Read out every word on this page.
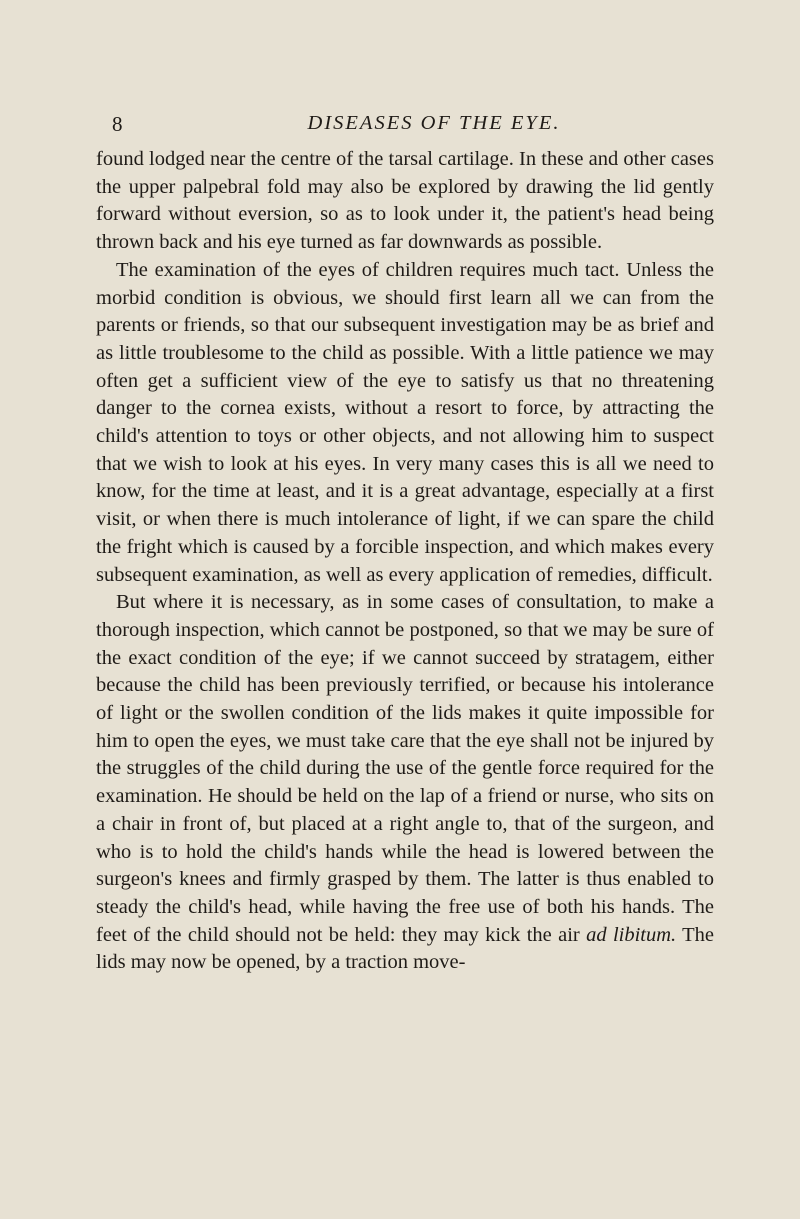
8	DISEASES OF THE EYE.

found lodged near the centre of the tarsal cartilage. In these and other cases the upper palpebral fold may also be explored by drawing the lid gently forward without eversion, so as to look under it, the patient's head being thrown back and his eye turned as far downwards as possible.

The examination of the eyes of children requires much tact. Unless the morbid condition is obvious, we should first learn all we can from the parents or friends, so that our subsequent investigation may be as brief and as little troublesome to the child as possible. With a little patience we may often get a sufficient view of the eye to satisfy us that no threatening danger to the cornea exists, without a resort to force, by attracting the child's attention to toys or other objects, and not allowing him to suspect that we wish to look at his eyes. In very many cases this is all we need to know, for the time at least, and it is a great advantage, especially at a first visit, or when there is much intolerance of light, if we can spare the child the fright which is caused by a forcible inspection, and which makes every subsequent examination, as well as every application of remedies, difficult.

But where it is necessary, as in some cases of consultation, to make a thorough inspection, which cannot be postponed, so that we may be sure of the exact condition of the eye; if we cannot succeed by stratagem, either because the child has been previously terrified, or because his intolerance of light or the swollen condition of the lids makes it quite impossible for him to open the eyes, we must take care that the eye shall not be injured by the struggles of the child during the use of the gentle force required for the examination. He should be held on the lap of a friend or nurse, who sits on a chair in front of, but placed at a right angle to, that of the surgeon, and who is to hold the child's hands while the head is lowered between the surgeon's knees and firmly grasped by them. The latter is thus enabled to steady the child's head, while having the free use of both his hands. The feet of the child should not be held: they may kick the air ad libitum. The lids may now be opened, by a traction move-
